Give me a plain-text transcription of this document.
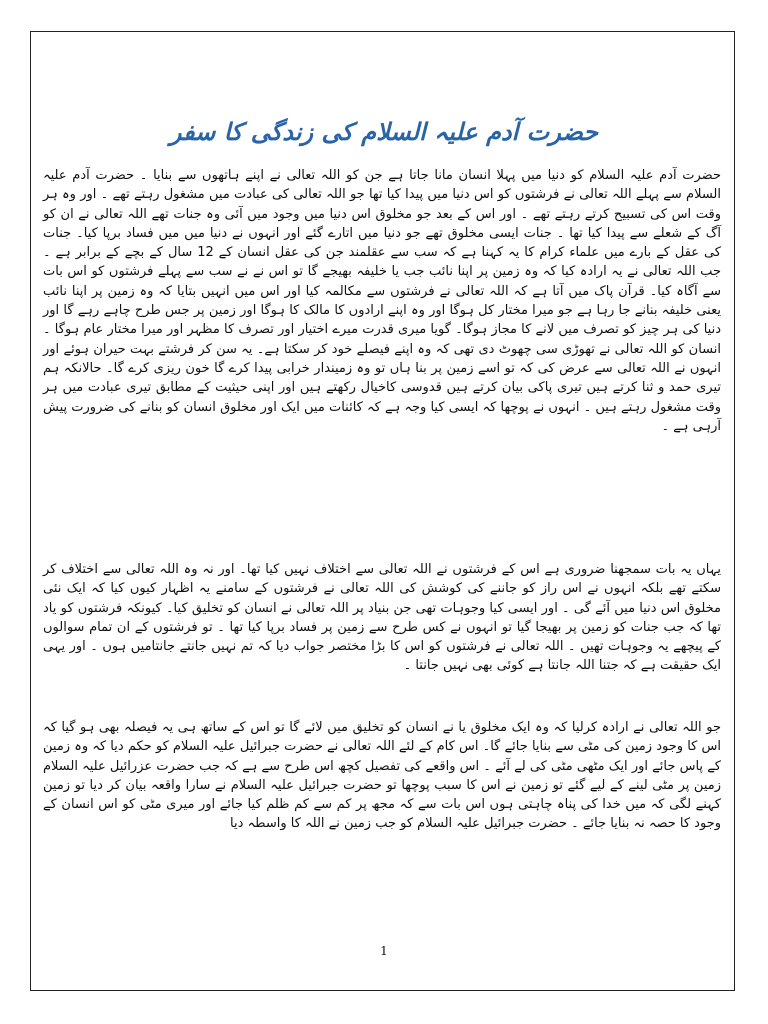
حضرت آدم علیہ السلام کی زندگی کا سفر

حضرت آدم علیہ السلام کو دنیا میں پہلا انسان مانا جاتا ہے جن کو اللہ تعالی نے اپنے ہاتھوں سے بنایا ۔ حضرت آدم علیہ السلام سے پہلے اللہ تعالی نے فرشتوں کو اس دنیا میں پیدا کیا تھا جو اللہ تعالی کی عبادت میں مشغول رہتے تھے ۔ اور وہ ہر وقت اس کی تسبیح کرتے رہتے تھے ۔ اور اس کے بعد جو مخلوق اس دنیا میں وجود میں آئی وہ جنات تھے اللہ تعالی نے ان کو آگ کے شعلے سے پیدا کیا تھا ۔ جنات ایسی مخلوق تھے جو دنیا میں اتارے گئے اور انہوں نے دنیا میں میں فساد برپا کیا۔ جنات کی عقل کے بارے میں علماء کرام کا یہ کہنا ہے کہ سب سے عقلمند جن کی عقل انسان کے 12 سال کے بچے کے برابر ہے ۔ جب اللہ تعالی نے یہ ارادہ کیا کہ وہ زمین پر اپنا نائب جب یا خلیفہ بھیجے گا تو اس نے نے سب سے پہلے فرشتوں کو اس بات سے آگاہ کیا۔ قرآن پاک میں آتا ہے کہ اللہ تعالی نے فرشتوں سے مکالمہ کیا اور اس میں انہیں بتایا کہ وہ زمین پر اپنا نائب یعنی خلیفہ بنانے جا رہا ہے جو میرا مختار کل ہوگا اور وہ اپنے ارادوں کا مالک کا ہوگا اور زمین پر جس طرح چاہے رہے گا اور دنیا کی ہر چیز کو تصرف میں لانے کا مجاز ہوگا۔ گویا میری قدرت میرے اختیار اور تصرف کا مظہر اور میرا مختار عام ہوگا ۔ انسان کو اللہ تعالی نے تھوڑی سی چھوٹ دی تھی کہ وہ اپنے فیصلے خود کر سکتا ہے۔ یہ سن کر فرشتے بہت حیران ہوئے اور انہوں نے اللہ تعالی سے عرض کی کہ تو اسے زمین پر بنا ہاں تو وہ زمیندار خرابی پیدا کرے گا خون ریزی کرے گا۔ حالانکہ ہم تیری حمد و ثنا کرتے ہیں تیری پاکی بیان کرتے ہیں قدوسی کاخیال رکھتے ہیں اور اپنی حیثیت کے مطابق تیری عبادت میں ہر وقت مشغول رہتے ہیں ۔ انہوں نے پوچھا کہ ایسی کیا وجہ ہے کہ کائنات میں ایک اور مخلوق انسان کو بنانے کی ضرورت پیش آرہی ہے ۔

یہاں یہ بات سمجھنا ضروری ہے اس کے فرشتوں نے اللہ تعالی سے اختلاف نہیں کیا تھا۔ اور نہ وہ اللہ تعالی سے اختلاف کر سکتے تھے بلکہ انہوں نے اس راز کو جاننے کی کوشش کی اللہ تعالی نے فرشتوں کے سامنے یہ اظہار کیوں کیا کہ ایک نئی مخلوق اس دنیا میں آئے گی ۔ اور ایسی کیا وجوہات تھی جن بنیاد پر اللہ تعالی نے انسان کو تخلیق کیا۔ کیونکہ فرشتوں کو یاد تھا کہ جب جنات کو زمین پر بھیجا گیا تو انہوں نے کس طرح سے زمین پر فساد برپا کیا تھا ۔ تو فرشتوں کے ان تمام سوالوں کے پیچھے یہ وجوہات تھیں ۔ اللہ تعالی نے فرشتوں کو اس کا بڑا مختصر جواب دیا کہ تم نہیں جانتے جانتامیں ہوں ۔ اور یہی ایک حقیقت ہے کہ جتنا اللہ جانتا ہے کوئی بھی نہیں جانتا ۔

جو اللہ تعالی نے ارادہ کرلیا کہ وہ ایک مخلوق یا نے انسان کو تخلیق میں لائے گا تو اس کے ساتھ ہی یہ فیصلہ بھی ہو گیا کہ اس کا وجود زمین کی مٹی سے بنایا جائے گا۔ اس کام کے لئے اللہ تعالی نے حضرت جبرائیل علیہ السلام کو حکم دیا کہ وہ زمین کے پاس جائے اور ایک مٹھی مٹی کی لے آئے ۔ اس واقعے کی تفصیل کچھ اس طرح سے ہے کہ جب حضرت عزرائیل علیہ السلام زمین پر مٹی لینے کے لیے گئے تو زمین نے اس کا سبب پوچھا تو حضرت جبرائیل علیہ السلام نے سارا واقعہ بیان کر دیا تو زمین کہنے لگی کہ میں خدا کی پناہ چاہتی ہوں اس بات سے کہ مجھ پر کم سے کم ظلم کیا جائے اور میری مٹی کو اس انسان کے وجود کا حصہ نہ بنایا جائے ۔ حضرت جبرائیل علیہ السلام کو جب زمین نے اللہ کا واسطہ دیا

1
